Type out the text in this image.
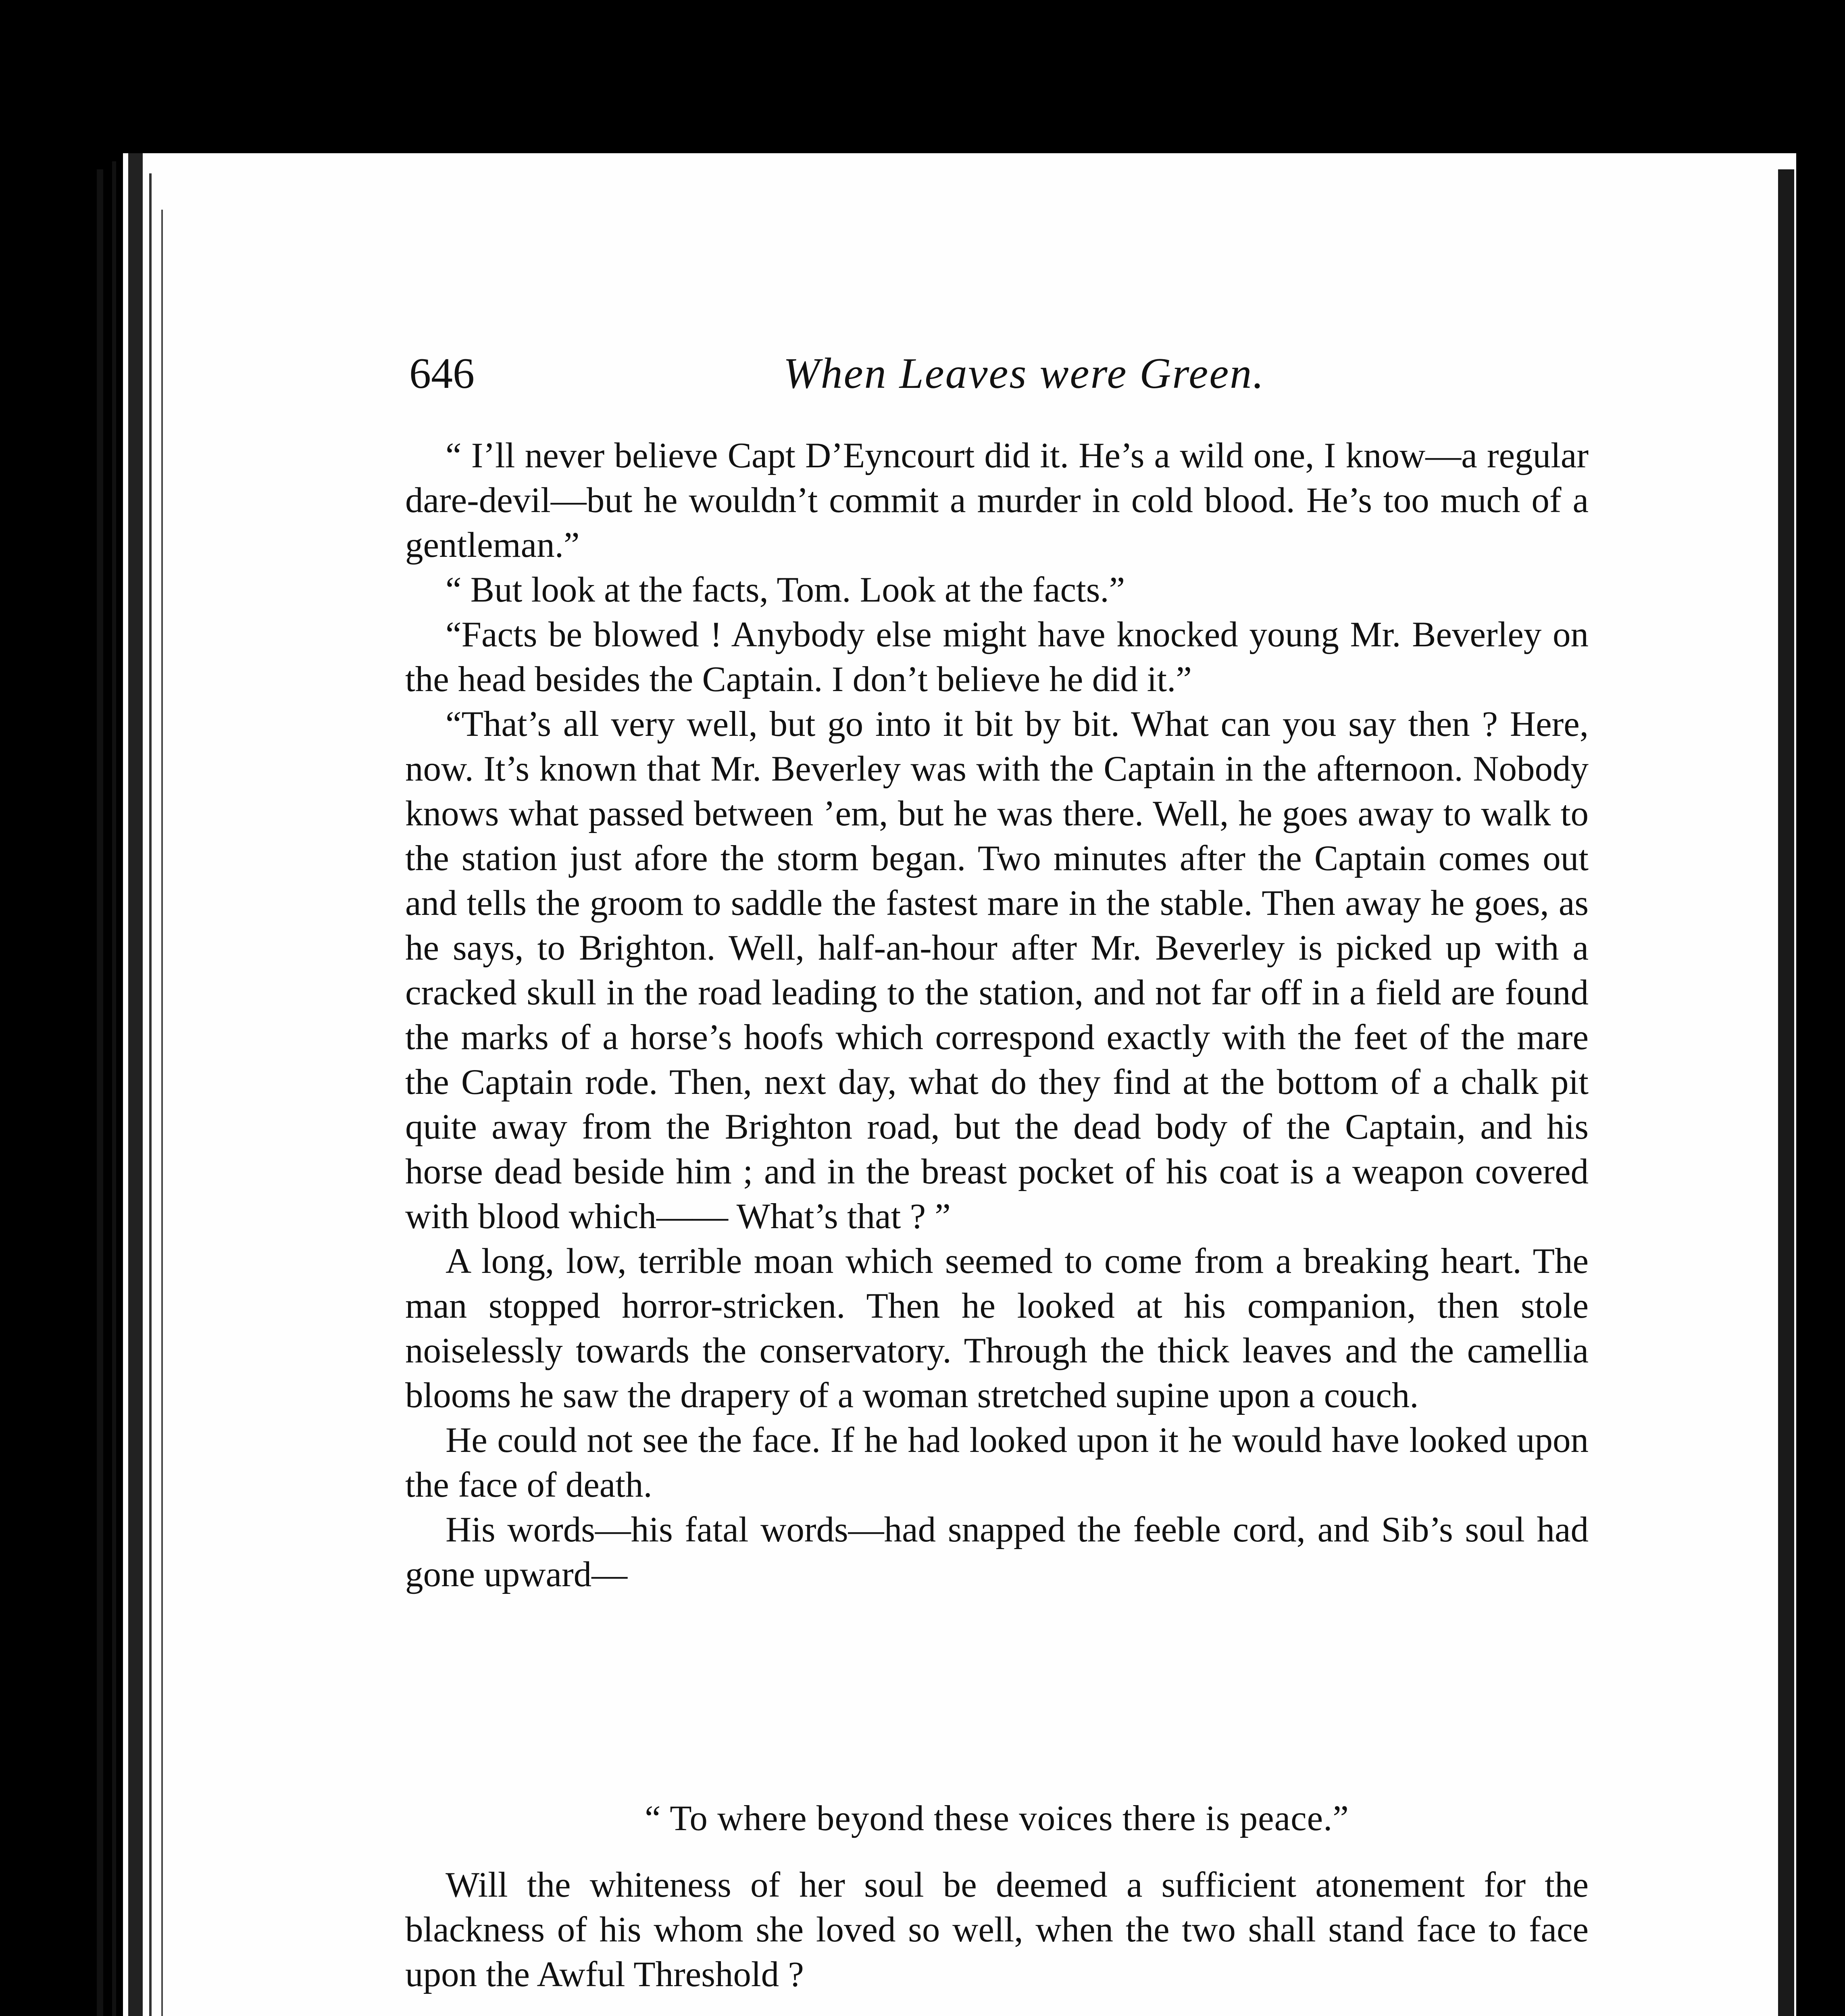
646	When Leaves were Green.

“ I’ll never believe Capt D’Eyncourt did it. He’s a wild one, I know—a regular dare-devil—but he wouldn’t commit a murder in cold blood. He’s too much of a gentleman.”

“ But look at the facts, Tom. Look at the facts.”

“Facts be blowed ! Anybody else might have knocked young Mr. Beverley on the head besides the Captain. I don’t believe he did it.”

“That’s all very well, but go into it bit by bit. What can you say then ? Here, now. It’s known that Mr. Beverley was with the Captain in the afternoon. Nobody knows what passed between ’em, but he was there. Well, he goes away to walk to the station just afore the storm began. Two minutes after the Captain comes out and tells the groom to saddle the fastest mare in the stable. Then away he goes, as he says, to Brighton. Well, half-an-hour after Mr. Beverley is picked up with a cracked skull in the road leading to the station, and not far off in a field are found the marks of a horse’s hoofs which correspond exactly with the feet of the mare the Captain rode. Then, next day, what do they find at the bottom of a chalk pit quite away from the Brighton road, but the dead body of the Captain, and his horse dead beside him ; and in the breast pocket of his coat is a weapon covered with blood which—— What’s that ? ”

A long, low, terrible moan which seemed to come from a breaking heart. The man stopped horror-stricken. Then he looked at his companion, then stole noiselessly towards the conservatory. Through the thick leaves and the camellia blooms he saw the drapery of a woman stretched supine upon a couch.

He could not see the face. If he had looked upon it he would have looked upon the face of death.

His words—his fatal words—had snapped the feeble cord, and Sib’s soul had gone upward—

“ To where beyond these voices there is peace.”

Will the whiteness of her soul be deemed a sufficient atonement for the blackness of his whom she loved so well, when the two shall stand face to face upon the Awful Threshold ?
